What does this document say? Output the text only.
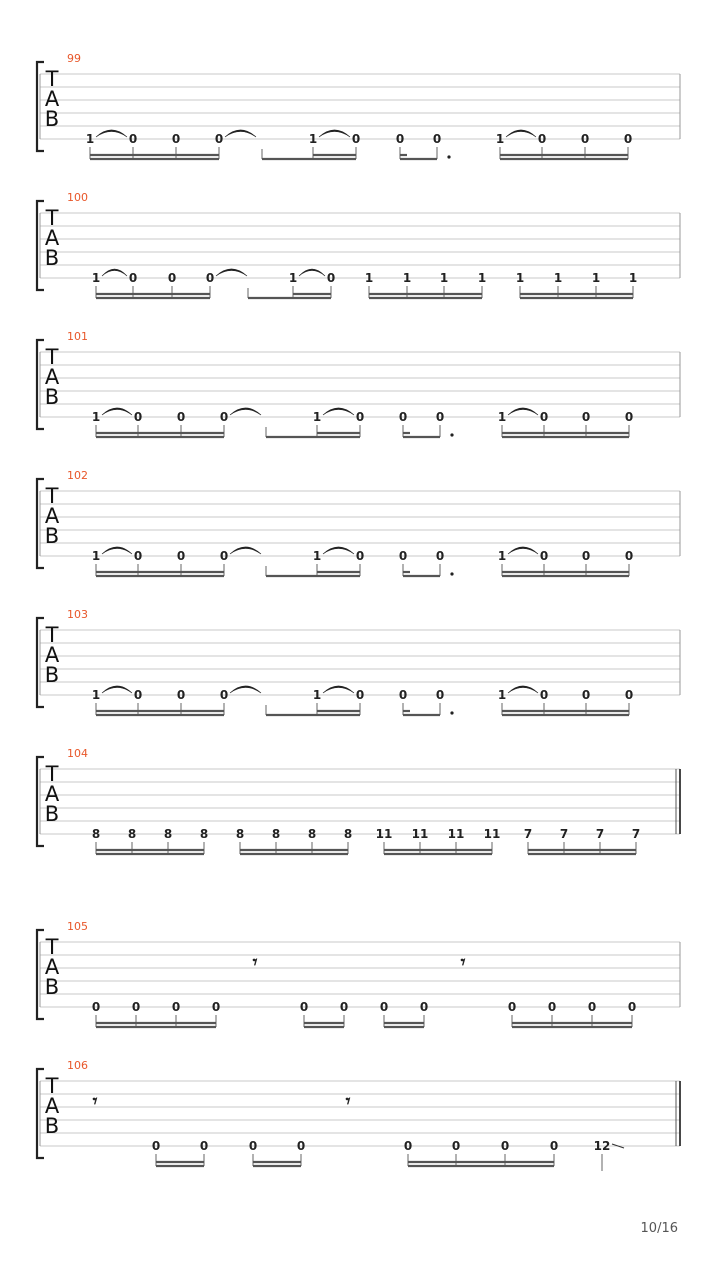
99
T
A
B
1	0	0	0	1	0	0 0	1	0	0	0
100
T
A
B
1 0	0 0	1 0 1 1 1 1 1 1 1 1
101
T
A
B
1	0	0	0	1	0	0 0	1	0	0	0
102
T
A
B
1	0	0	0	1	0	0 0	1	0	0	0
103
T
A
B
1	0	0	0	1	0	0 0	1	0	0	0
104
T
A
B
8 8 8 8 8 8 8 8 11 11 11 11 7 7 7 7
105
T
A
B
𝄾	𝄾
0	0	0	0	0	0	0	0	0	0	0	0
106
T
A
B
𝄾	𝄾
0	0	0	0	0	0	0	0	12
10/16
